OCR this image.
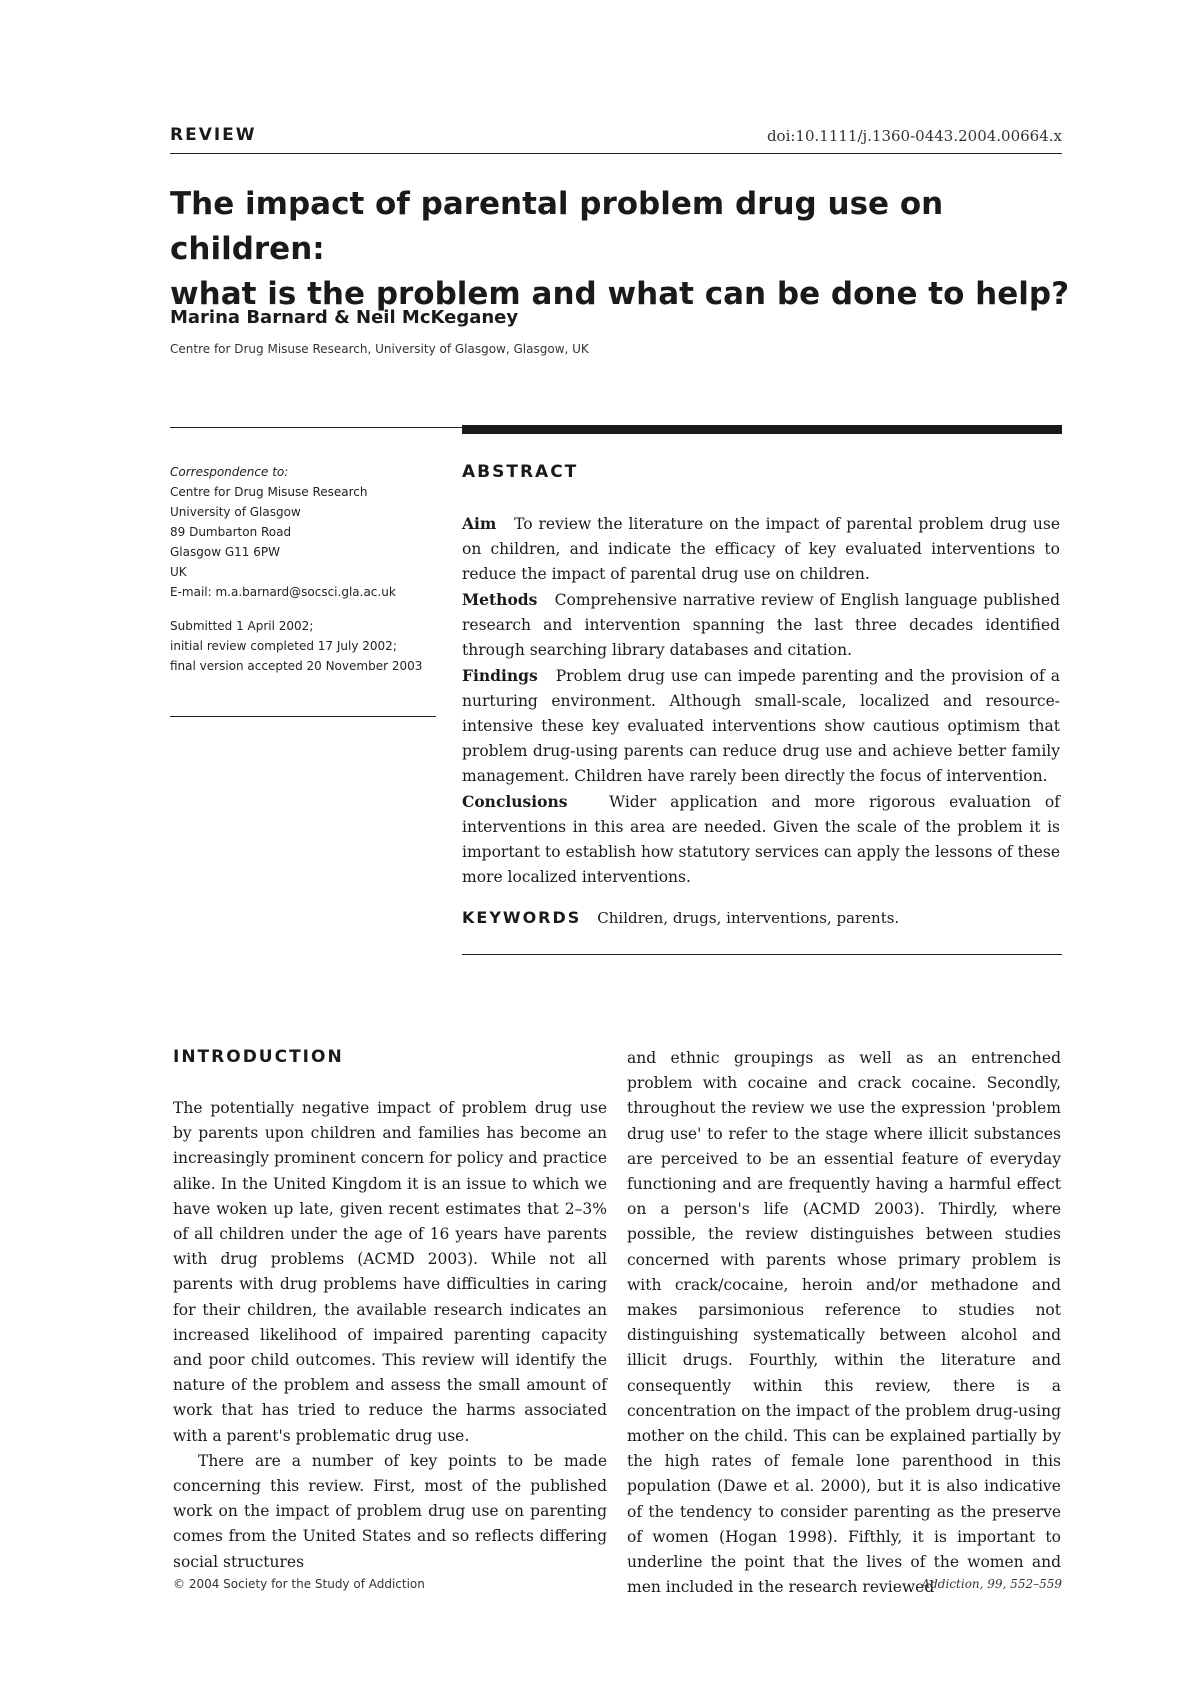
REVIEW	doi:10.1111/j.1360-0443.2004.00664.x
The impact of parental problem drug use on children:
what is the problem and what can be done to help?
Marina Barnard & Neil McKeganey
Centre for Drug Misuse Research, University of Glasgow, Glasgow, UK
Correspondence to:
Centre for Drug Misuse Research
University of Glasgow
89 Dumbarton Road
Glasgow G11 6PW
UK
E-mail: m.a.barnard@socsci.gla.ac.uk
Submitted 1 April 2002;
initial review completed 17 July 2002;
final version accepted 20 November 2003
ABSTRACT

Aim To review the literature on the impact of parental problem drug use on children, and indicate the efficacy of key evaluated interventions to reduce the impact of parental drug use on children.

Methods Comprehensive narrative review of English language published research and intervention spanning the last three decades identified through searching library databases and citation.

Findings Problem drug use can impede parenting and the provision of a nurturing environment. Although small-scale, localized and resource-intensive these key evaluated interventions show cautious optimism that problem drug-using parents can reduce drug use and achieve better family management. Children have rarely been directly the focus of intervention.

Conclusions	Wider application and more rigorous evaluation of interventions in this area are needed. Given the scale of the problem it is important to establish how statutory services can apply the lessons of these more localized interventions.

KEYWORDS Children, drugs, interventions, parents.
INTRODUCTION

The potentially negative impact of problem drug use by parents upon children and families has become an increasingly prominent concern for policy and practice alike. In the United Kingdom it is an issue to which we have woken up late, given recent estimates that 2–3% of all children under the age of 16 years have parents with drug problems (ACMD 2003). While not all parents with drug problems have difficulties in caring for their children, the available research indicates an increased likelihood of impaired parenting capacity and poor child outcomes. This review will identify the nature of the problem and assess the small amount of work that has tried to reduce the harms associated with a parent's problematic drug use.

There are a number of key points to be made concerning this review. First, most of the published work on the impact of problem drug use on parenting comes from the United States and so reflects differing social structures

and ethnic groupings as well as an entrenched problem with cocaine and crack cocaine. Secondly, throughout the review we use the expression 'problem drug use' to refer to the stage where illicit substances are perceived to be an essential feature of everyday functioning and are frequently having a harmful effect on a person's life (ACMD 2003). Thirdly, where possible, the review distinguishes between studies concerned with parents whose primary problem is with crack/cocaine, heroin and/or methadone and makes parsimonious reference to studies not distinguishing systematically between alcohol and illicit drugs. Fourthly, within the literature and consequently within this review, there is a concentration on the impact of the problem drug-using mother on the child. This can be explained partially by the high rates of female lone parenthood in this population (Dawe et al. 2000), but it is also indicative of the tendency to consider parenting as the preserve of women (Hogan 1998). Fifthly, it is important to underline the point that the lives of the women and men included in the research reviewed

© 2004 Society for the Study of Addiction	Addiction, 99, 552–559
